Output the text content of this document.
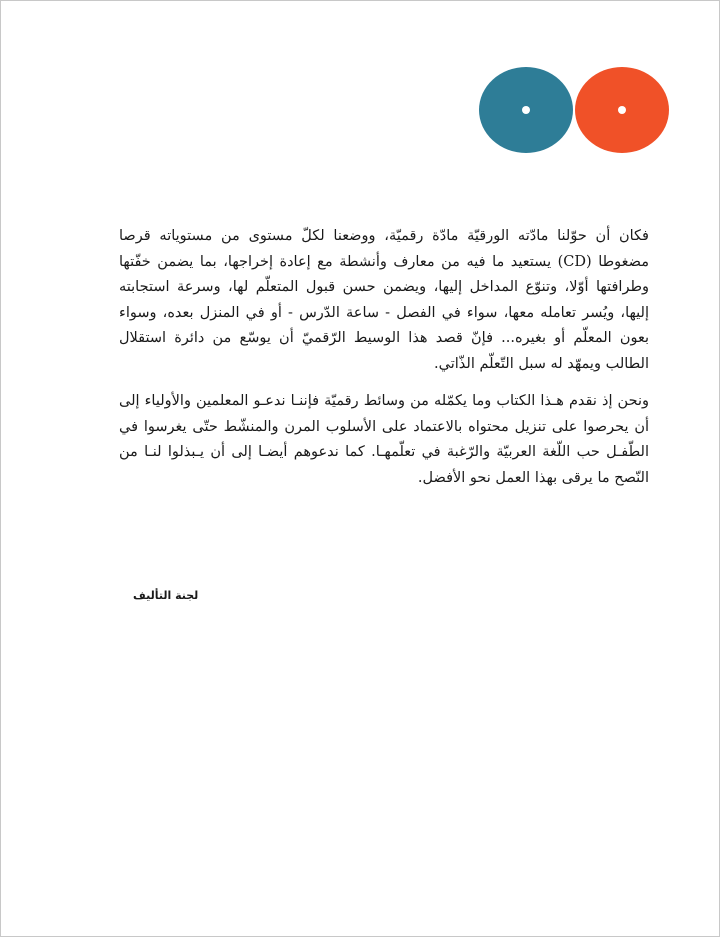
فكان أن حوّلنا مادّته الورقيّة مادّة رقميّة، ووضعنا لكلّ مستوى من مستوياته قرصا مضغوطا (CD) يستعيد ما فيه من معارف وأنشطة مع إعادة إخراجها، بما يضمن خفّتها وطرافتها أوّلا، وتنوّع المداخل إليها، ويضمن حسن قبول المتعلّم لها، وسرعة استجابته إليها، ويُسر تعامله معها، سواء في الفصل - ساعة الدّرس - أو في المنزل بعده، وسواء بعون المعلّم أو بغيره... فإنّ قصد هذا الوسيط الرّقميّ أن يوسّع من دائرة استقلال الطالب ويمهّد له سبل التّعلّم الذّاتي.

ونحن إذ نقدم هـذا الكتاب وما يكمّله من وسائط رقميّة فإننـا ندعـو المعلمين والأولياء إلى أن يحرصوا على تنزيل محتواه بالاعتماد على الأسلوب المرن والمنشّط حتّى يغرسوا في الطّفـل حب اللّغة العربيّة والرّغبة في تعلّمهـا. كما ندعوهم أيضـا إلى أن يـبذلوا لنـا من النّصح ما يرقى بهذا العمل نحو الأفضل.

لجنة التأليف
